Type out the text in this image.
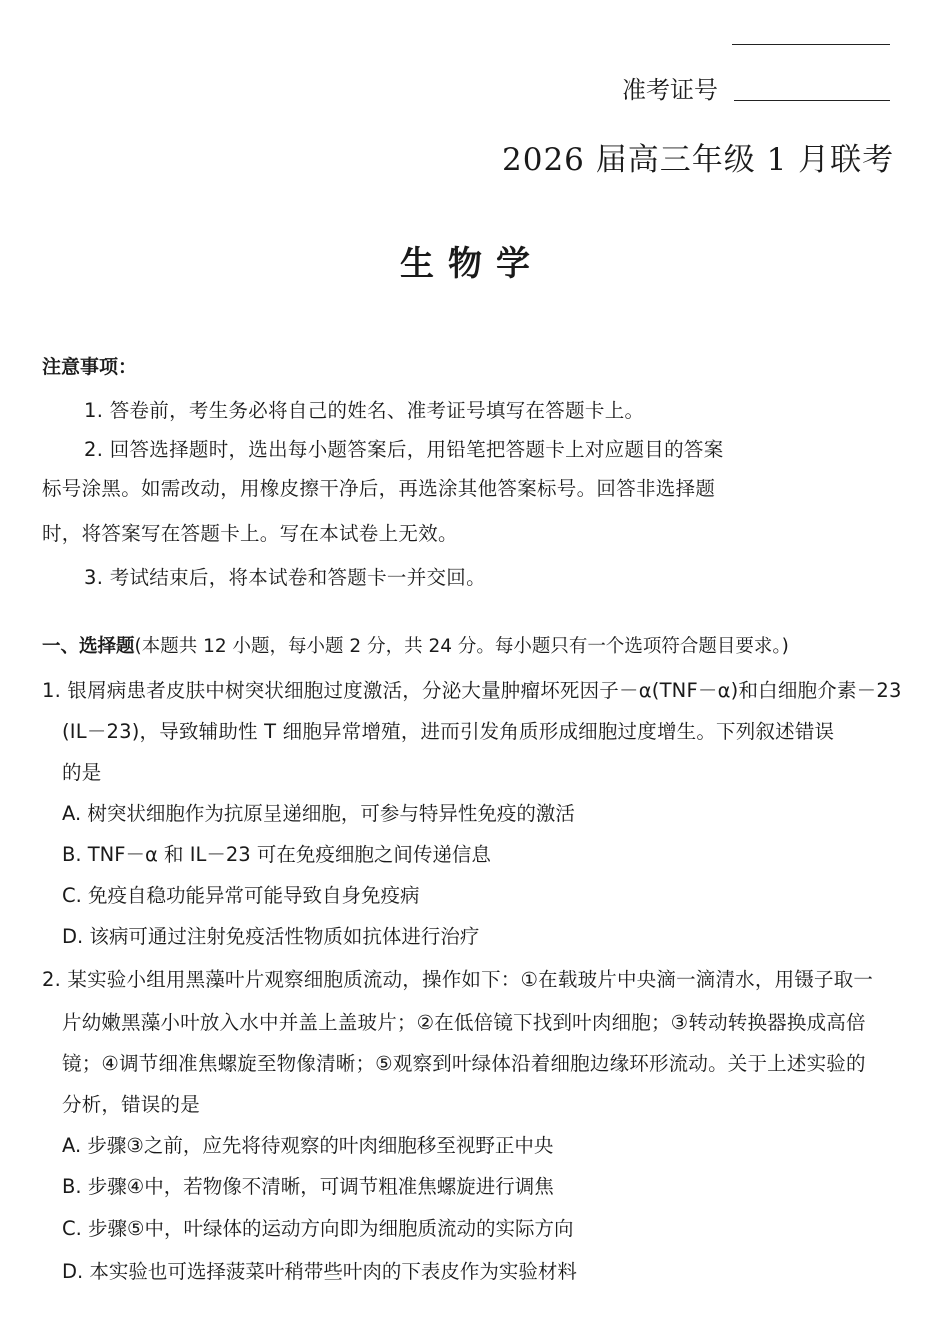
准考证号
2026 届高三年级 1 月联考
生物学
注意事项：
1. 答卷前，考生务必将自己的姓名、准考证号填写在答题卡上。
2. 回答选择题时，选出每小题答案后，用铅笔把答题卡上对应题目的答案
标号涂黑。如需改动，用橡皮擦干净后，再选涂其他答案标号。回答非选择题
时，将答案写在答题卡上。写在本试卷上无效。
3. 考试结束后，将本试卷和答题卡一并交回。
一、选择题(本题共 12 小题，每小题 2 分，共 24 分。每小题只有一个选项符合题目要求。)
1. 银屑病患者皮肤中树突状细胞过度激活，分泌大量肿瘤坏死因子－α(TNF－α)和白细胞介素－23
(IL－23)，导致辅助性 T 细胞异常增殖，进而引发角质形成细胞过度增生。下列叙述错误
的是
A. 树突状细胞作为抗原呈递细胞，可参与特异性免疫的激活
B. TNF－α 和 IL－23 可在免疫细胞之间传递信息
C. 免疫自稳功能异常可能导致自身免疫病
D. 该病可通过注射免疫活性物质如抗体进行治疗
2. 某实验小组用黑藻叶片观察细胞质流动，操作如下：①在载玻片中央滴一滴清水，用镊子取一
片幼嫩黑藻小叶放入水中并盖上盖玻片；②在低倍镜下找到叶肉细胞；③转动转换器换成高倍
镜；④调节细准焦螺旋至物像清晰；⑤观察到叶绿体沿着细胞边缘环形流动。关于上述实验的
分析，错误的是
A. 步骤③之前，应先将待观察的叶肉细胞移至视野正中央
B. 步骤④中，若物像不清晰，可调节粗准焦螺旋进行调焦
C. 步骤⑤中，叶绿体的运动方向即为细胞质流动的实际方向
D. 本实验也可选择菠菜叶稍带些叶肉的下表皮作为实验材料
